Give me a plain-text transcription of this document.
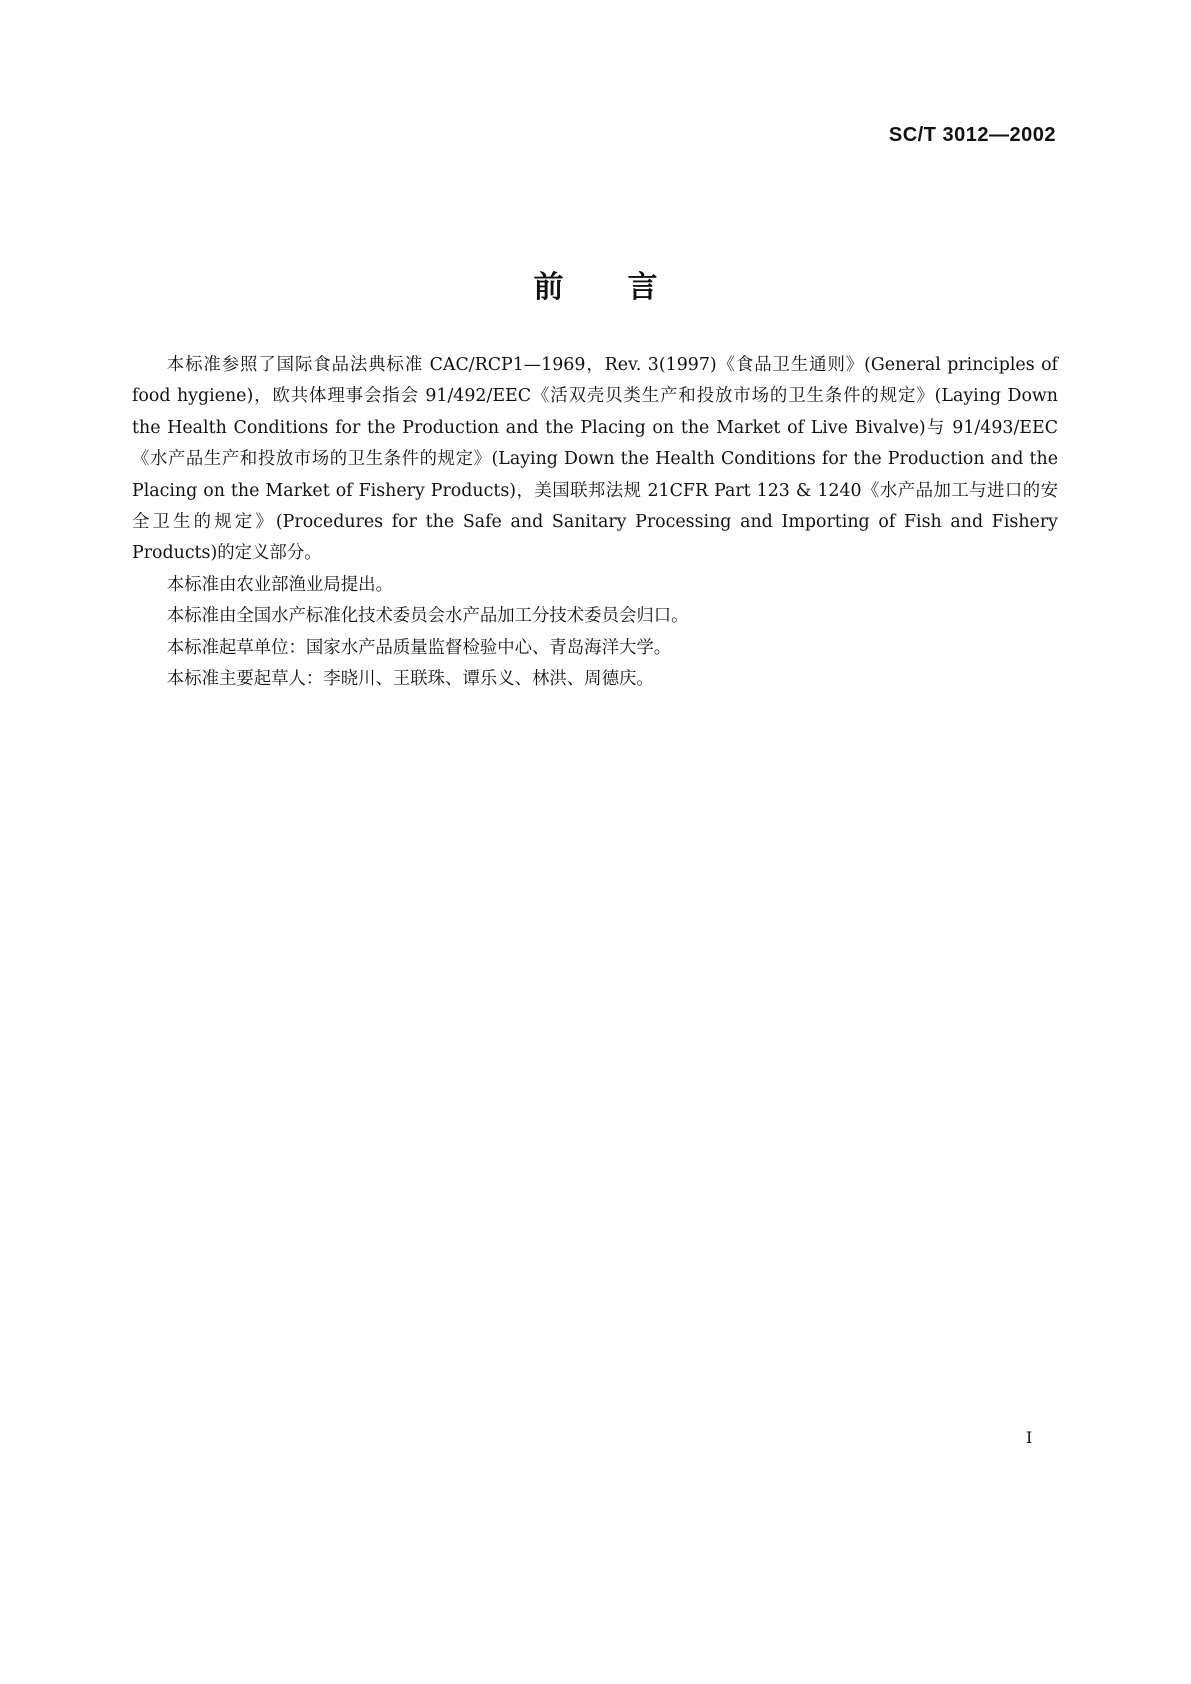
SC/T 3012—2002

前 言

本标准参照了国际食品法典标准 CAC/RCP1—1969，Rev. 3(1997)《食品卫生通则》(General principles of food hygiene)，欧共体理事会指会 91/492/EEC《活双壳贝类生产和投放市场的卫生条件的规定》(Laying Down the Health Conditions for the Production and the Placing on the Market of Live Bivalve)与 91/493/EEC《水产品生产和投放市场的卫生条件的规定》(Laying Down the Health Conditions for the Production and the Placing on the Market of Fishery Products)，美国联邦法规 21CFR Part 123 & 1240《水产品加工与进口的安全卫生的规定》(Procedures for the Safe and Sanitary Processing and Importing of Fish and Fishery Products)的定义部分。

本标准由农业部渔业局提出。

本标准由全国水产标准化技术委员会水产品加工分技术委员会归口。

本标准起草单位：国家水产品质量监督检验中心、青岛海洋大学。

本标准主要起草人：李晓川、王联珠、谭乐义、林洪、周德庆。

I
